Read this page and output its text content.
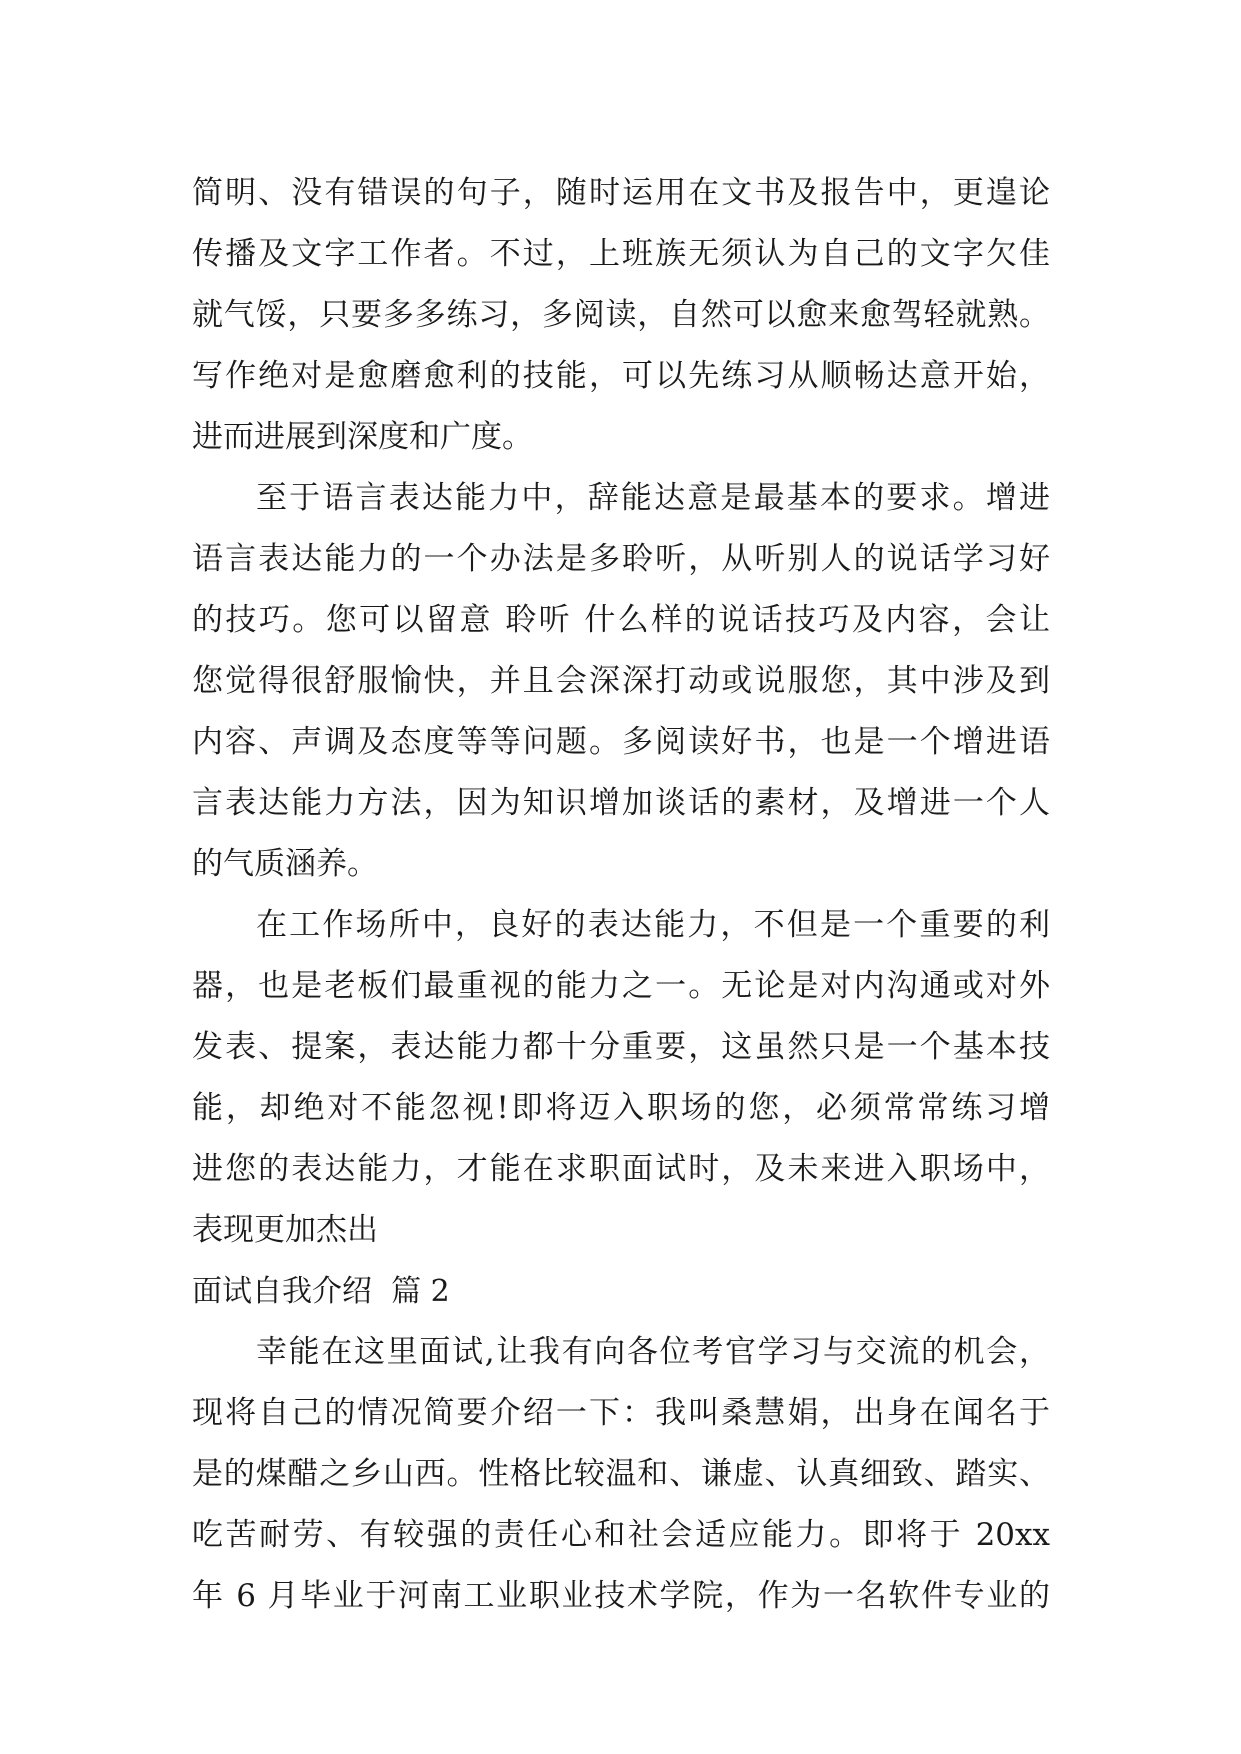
简明、没有错误的句子，随时运用在文书及报告中，更遑论
传播及文字工作者。不过，上班族无须认为自己的文字欠佳
就气馁，只要多多练习，多阅读，自然可以愈来愈驾轻就熟。
写作绝对是愈磨愈利的技能，可以先练习从顺畅达意开始，
进而进展到深度和广度。
至于语言表达能力中，辞能达意是最基本的要求。增进
语言表达能力的一个办法是多聆听，从听别人的说话学习好
的技巧。您可以留意 聆听 什么样的说话技巧及内容，会让
您觉得很舒服愉快，并且会深深打动或说服您，其中涉及到
内容、声调及态度等等问题。多阅读好书，也是一个增进语
言表达能力方法，因为知识增加谈话的素材，及增进一个人
的气质涵养。
在工作场所中，良好的表达能力，不但是一个重要的利
器，也是老板们最重视的能力之一。无论是对内沟通或对外
发表、提案，表达能力都十分重要，这虽然只是一个基本技
能，却绝对不能忽视!即将迈入职场的您，必须常常练习增
进您的表达能力，才能在求职面试时，及未来进入职场中，
表现更加杰出
面试自我介绍  篇 2
幸能在这里面试,让我有向各位考官学习与交流的机会，
现将自己的情况简要介绍一下：我叫桑慧娟，出身在闻名于
是的煤醋之乡山西。性格比较温和、谦虚、认真细致、踏实、
吃苦耐劳、有较强的责任心和社会适应能力。即将于 20xx
年 6 月毕业于河南工业职业技术学院，作为一名软件专业的
